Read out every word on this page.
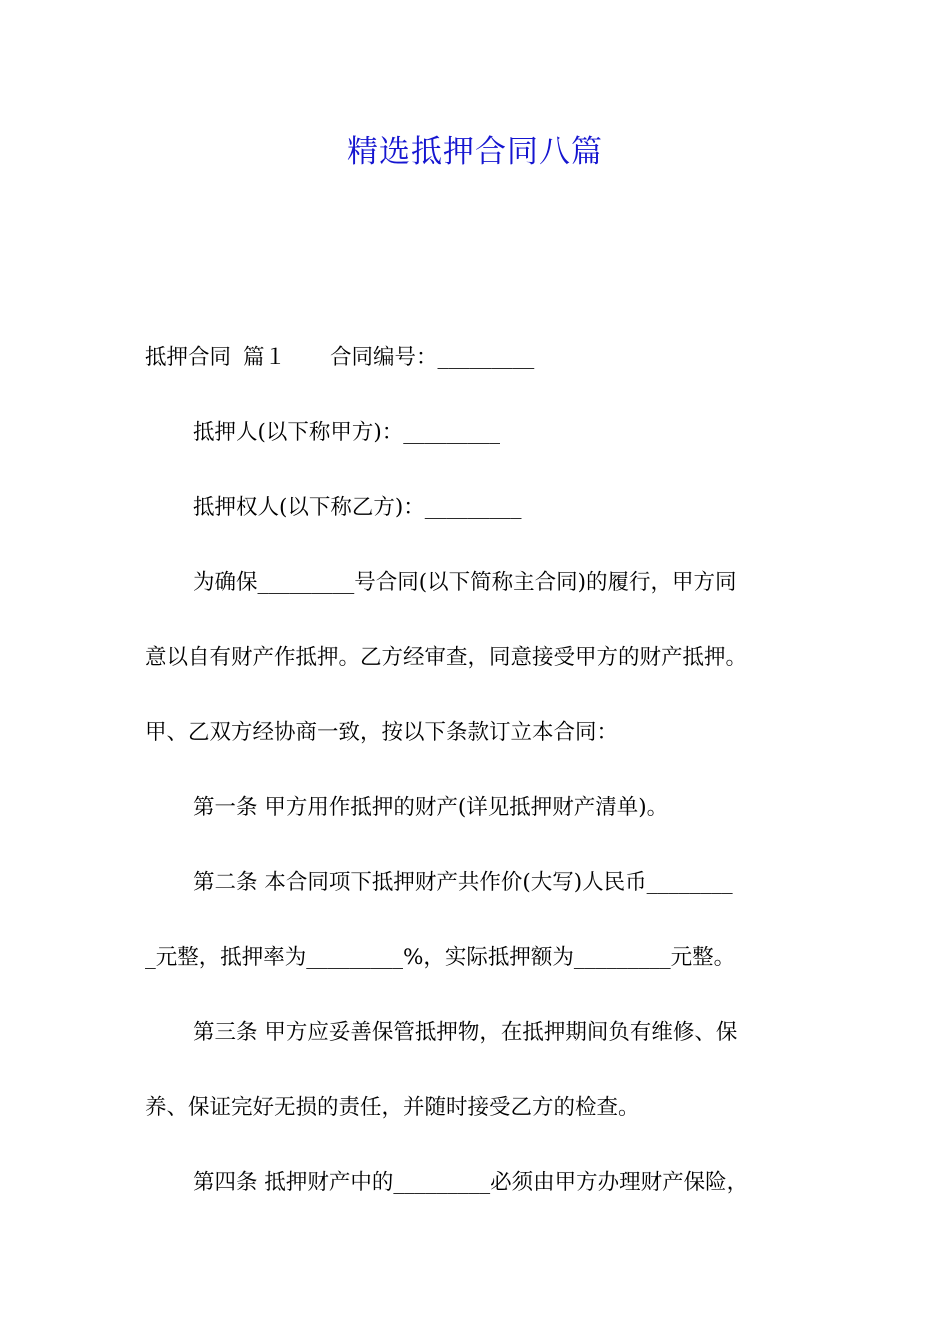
精选抵押合同八篇
抵押合同 篇１ 合同编号：_________
抵押人(以下称甲方)：_________
抵押权人(以下称乙方)：_________
为确保_________号合同(以下简称主合同)的履行，甲方同
意以自有财产作抵押。乙方经审查，同意接受甲方的财产抵押。
甲、乙双方经协商一致，按以下条款订立本合同：
第一条 甲方用作抵押的财产(详见抵押财产清单)。
第二条 本合同项下抵押财产共作价(大写)人民币________
_元整，抵押率为_________%，实际抵押额为_________元整。
第三条 甲方应妥善保管抵押物，在抵押期间负有维修、保
养、保证完好无损的责任，并随时接受乙方的检查。
第四条 抵押财产中的_________必须由甲方办理财产保险，
